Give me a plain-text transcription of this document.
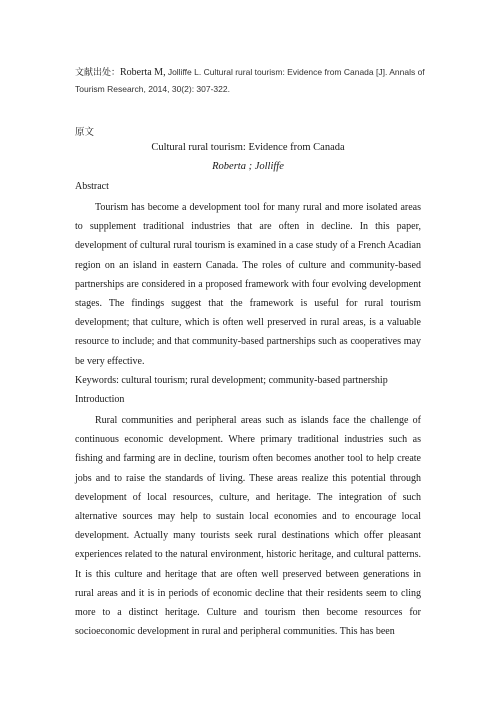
文献出处：Roberta M, Jolliffe L. Cultural rural tourism: Evidence from Canada [J]. Annals of Tourism Research, 2014, 30(2): 307-322.
原文
Cultural rural tourism: Evidence from Canada
Roberta ; Jolliffe
Abstract

Tourism has become a development tool for many rural and more isolated areas to supplement traditional industries that are often in decline. In this paper, development of cultural rural tourism is examined in a case study of a French Acadian region on an island in eastern Canada. The roles of culture and community-based partnerships are considered in a proposed framework with four evolving development stages. The findings suggest that the framework is useful for rural tourism development; that culture, which is often well preserved in rural areas, is a valuable resource to include; and that community-based partnerships such as cooperatives may be very effective.

Keywords: cultural tourism; rural development; community-based partnership
Introduction

Rural communities and peripheral areas such as islands face the challenge of continuous economic development. Where primary traditional industries such as fishing and farming are in decline, tourism often becomes another tool to help create jobs and to raise the standards of living. These areas realize this potential through development of local resources, culture, and heritage. The integration of such alternative sources may help to sustain local economies and to encourage local development. Actually many tourists seek rural destinations which offer pleasant experiences related to the natural environment, historic heritage, and cultural patterns. It is this culture and heritage that are often well preserved between generations in rural areas and it is in periods of economic decline that their residents seem to cling more to a distinct heritage. Culture and tourism then become resources for socioeconomic development in rural and peripheral communities. This has been
